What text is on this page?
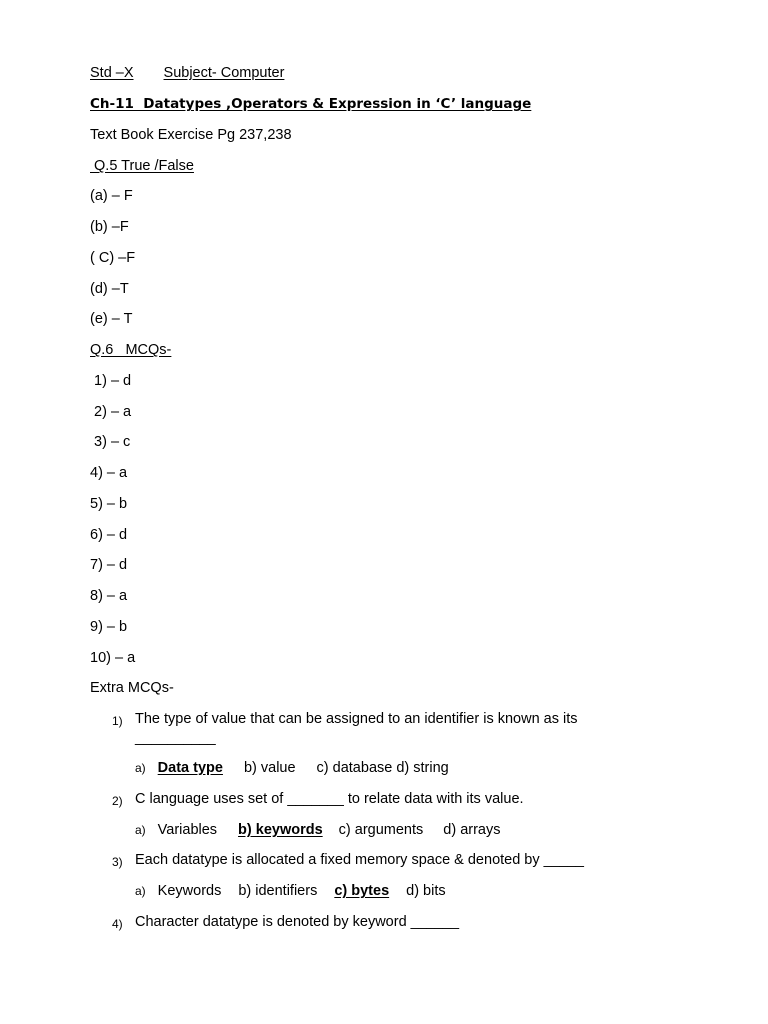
Std –X Subject- Computer
Ch-11  Datatypes ,Operators & Expression in ‘C’ language
Text Book Exercise Pg 237,238
Q.5 True /False
(a) – F
(b) –F
( C) –F
(d) –T
(e) – T
Q.6   MCQs-
1) – d
2) – a
3) – c
4) – a
5) – b
6) – d
7) – d
8) – a
9) – b
10) – a
Extra MCQs-
1) The type of value that can be assigned to an identifier is known as its
__________
a) Data type b) value c) database d) string
2) C language uses set of _______ to relate data with its value.
a) Variables b) keywords c) arguments d) arrays
3) Each datatype is allocated a fixed memory space & denoted by _____
a) Keywords b) identifiers c) bytes d) bits
4) Character datatype is denoted by keyword ______
